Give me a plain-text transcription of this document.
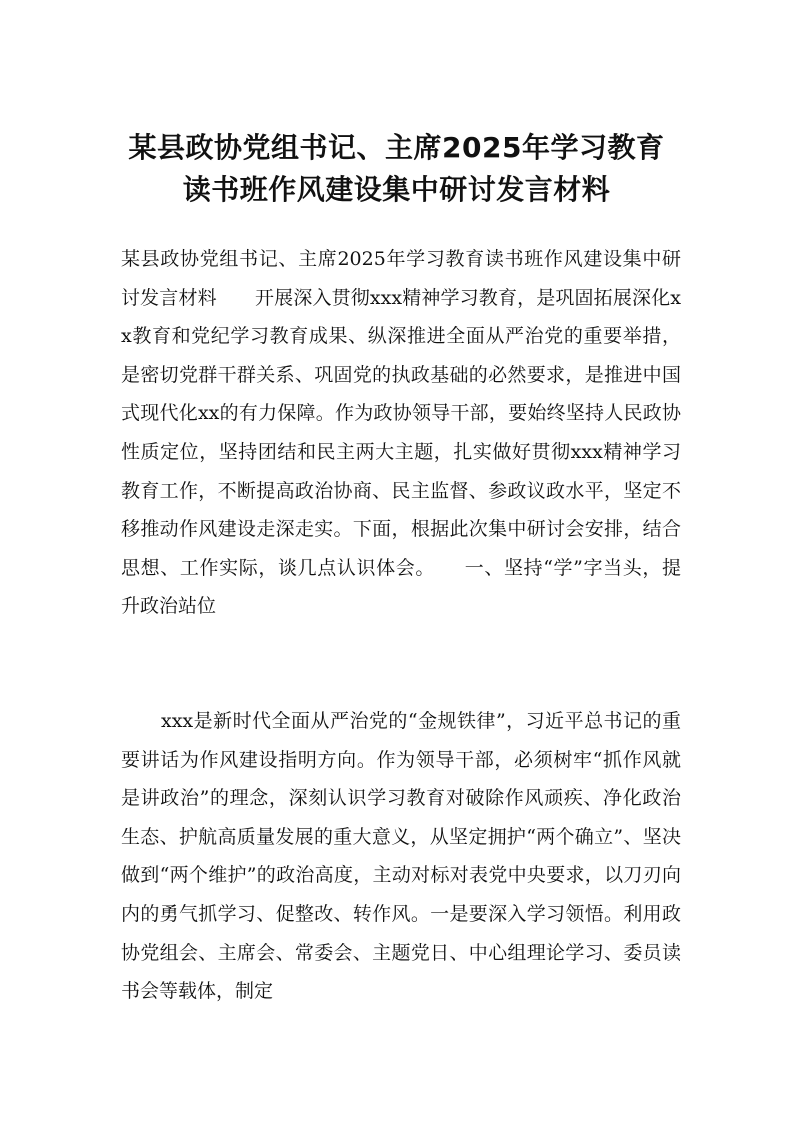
某县政协党组书记、主席2025年学习教育
读书班作风建设集中研讨发言材料
某县政协党组书记、主席2025年学习教育读书班作风建设集中研讨发言材料　　开展深入贯彻xxx精神学习教育，是巩固拓展深化xx教育和党纪学习教育成果、纵深推进全面从严治党的重要举措，是密切党群干群关系、巩固党的执政基础的必然要求，是推进中国式现代化xx的有力保障。作为政协领导干部，要始终坚持人民政协性质定位，坚持团结和民主两大主题，扎实做好贯彻xxx精神学习教育工作，不断提高政治协商、民主监督、参政议政水平，坚定不移推动作风建设走深走实。下面，根据此次集中研讨会安排，结合思想、工作实际，谈几点认识体会。　　一、坚持“学”字当头，提升政治站位
xxx是新时代全面从严治党的“金规铁律”，习近平总书记的重要讲话为作风建设指明方向。作为领导干部，必须树牢“抓作风就是讲政治”的理念，深刻认识学习教育对破除作风顽疾、净化政治生态、护航高质量发展的重大意义，从坚定拥护“两个确立”、坚决做到“两个维护”的政治高度，主动对标对表党中央要求，以刀刃向内的勇气抓学习、促整改、转作风。一是要深入学习领悟。利用政协党组会、主席会、常委会、主题党日、中心组理论学习、委员读书会等载体，制定
